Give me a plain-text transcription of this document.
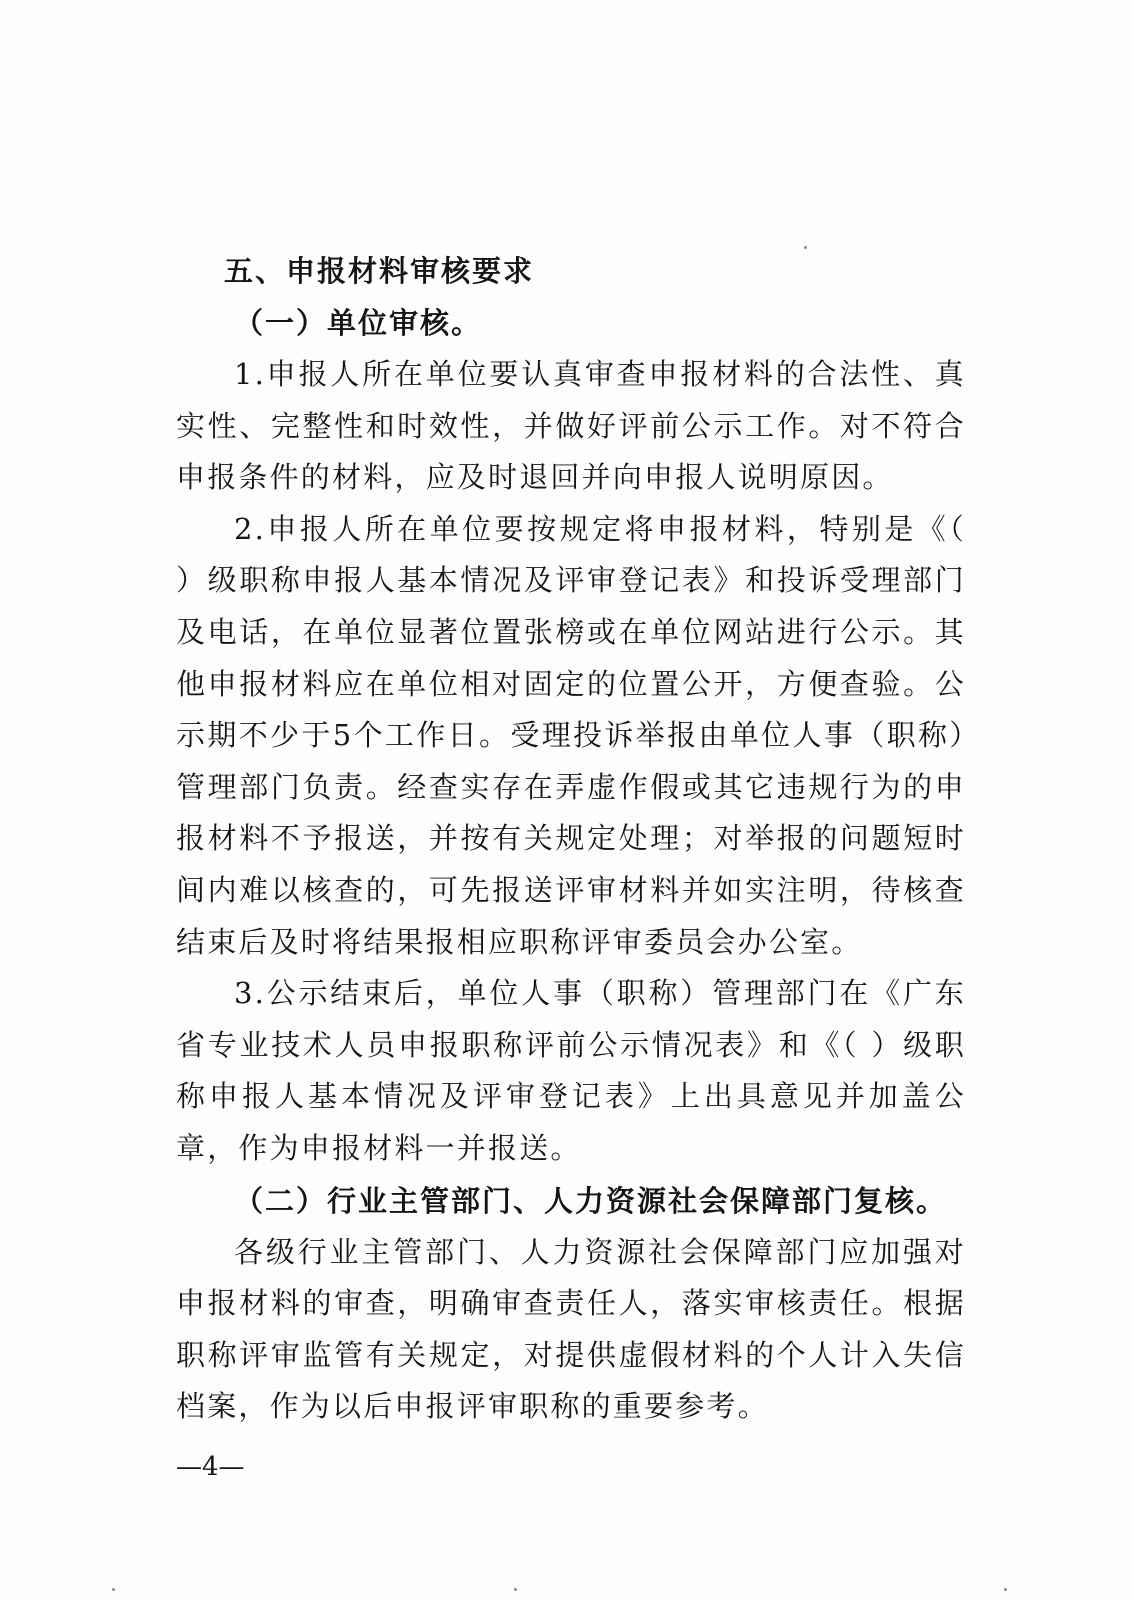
五、申报材料审核要求
（一）单位审核。

1.申报人所在单位要认真审查申报材料的合法性、真实性、完整性和时效性，并做好评前公示工作。对不符合申报条件的材料，应及时退回并向申报人说明原因。

2.申报人所在单位要按规定将申报材料，特别是《（ ）级职称申报人基本情况及评审登记表》和投诉受理部门及电话，在单位显著位置张榜或在单位网站进行公示。其他申报材料应在单位相对固定的位置公开，方便查验。公示期不少于5个工作日。受理投诉举报由单位人事（职称）管理部门负责。经查实存在弄虚作假或其它违规行为的申报材料不予报送，并按有关规定处理；对举报的问题短时间内难以核查的，可先报送评审材料并如实注明，待核查结束后及时将结果报相应职称评审委员会办公室。

3.公示结束后，单位人事（职称）管理部门在《广东省专业技术人员申报职称评前公示情况表》和《（ ）级职称申报人基本情况及评审登记表》上出具意见并加盖公章，作为申报材料一并报送。

（二）行业主管部门、人力资源社会保障部门复核。

各级行业主管部门、人力资源社会保障部门应加强对申报材料的审查，明确审查责任人，落实审核责任。根据职称评审监管有关规定，对提供虚假材料的个人计入失信档案，作为以后申报评审职称的重要参考。

—4—
